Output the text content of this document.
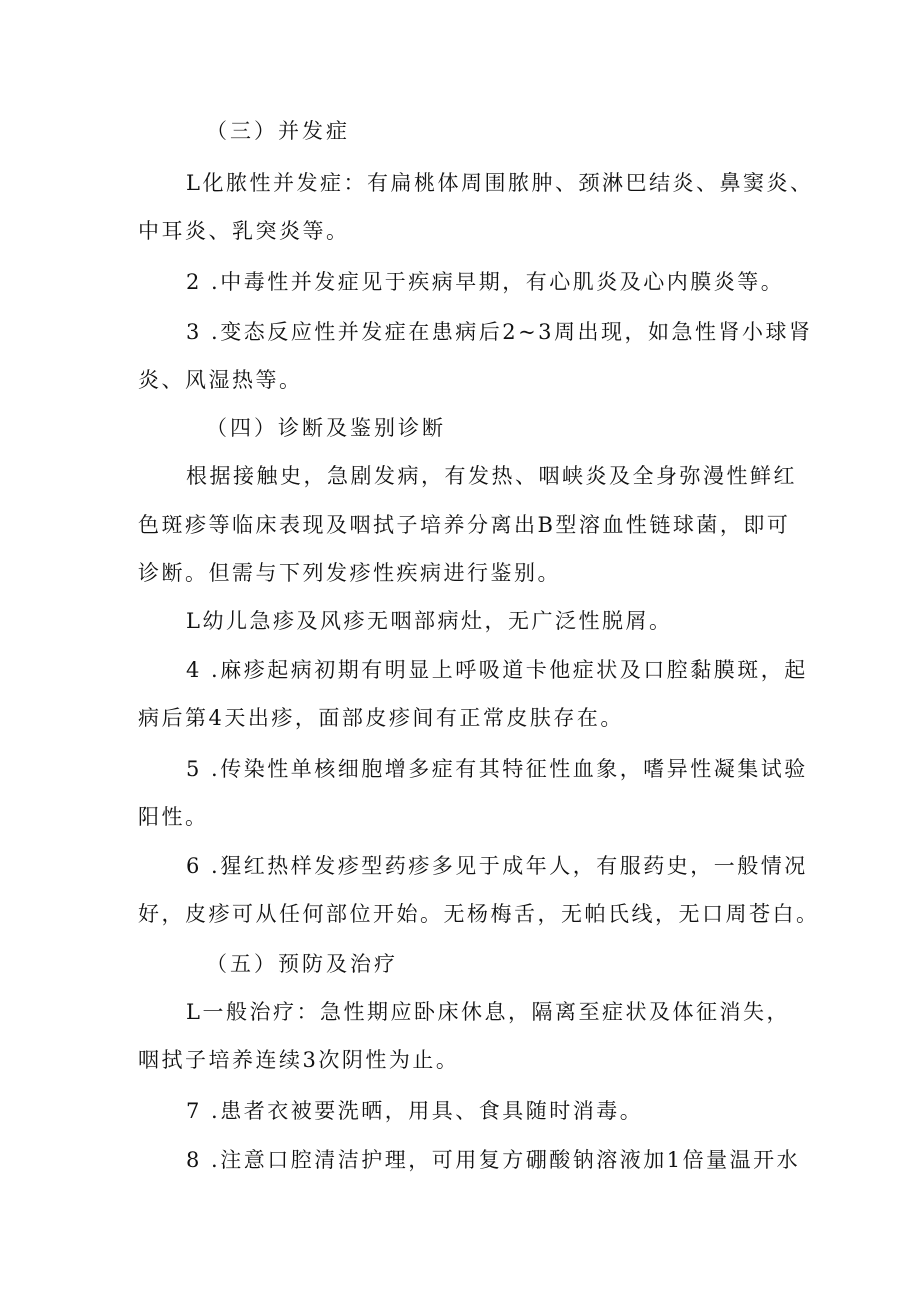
（三）并发症
L化脓性并发症：有扁桃体周围脓肿、颈淋巴结炎、鼻窦炎、
中耳炎、乳突炎等。
2 .中毒性并发症见于疾病早期，有心肌炎及心内膜炎等。
3 .变态反应性并发症在患病后2~3周出现，如急性肾小球肾
炎、风湿热等。
（四）诊断及鉴别诊断
根据接触史，急剧发病，有发热、咽峡炎及全身弥漫性鲜红
色斑疹等临床表现及咽拭子培养分离出B型溶血性链球菌，即可
诊断。但需与下列发疹性疾病进行鉴别。
L幼儿急疹及风疹无咽部病灶，无广泛性脱屑。
4 .麻疹起病初期有明显上呼吸道卡他症状及口腔黏膜斑，起
病后第4天出疹，面部皮疹间有正常皮肤存在。
5 .传染性单核细胞增多症有其特征性血象，嗜异性凝集试验
阳性。
6 .猩红热样发疹型药疹多见于成年人，有服药史，一般情况
好，皮疹可从任何部位开始。无杨梅舌，无帕氏线，无口周苍白。
（五）预防及治疗
L一般治疗：急性期应卧床休息，隔离至症状及体征消失，
咽拭子培养连续3次阴性为止。
7 .患者衣被要洗晒，用具、食具随时消毒。
8 .注意口腔清洁护理，可用复方硼酸钠溶液加1倍量温开水
